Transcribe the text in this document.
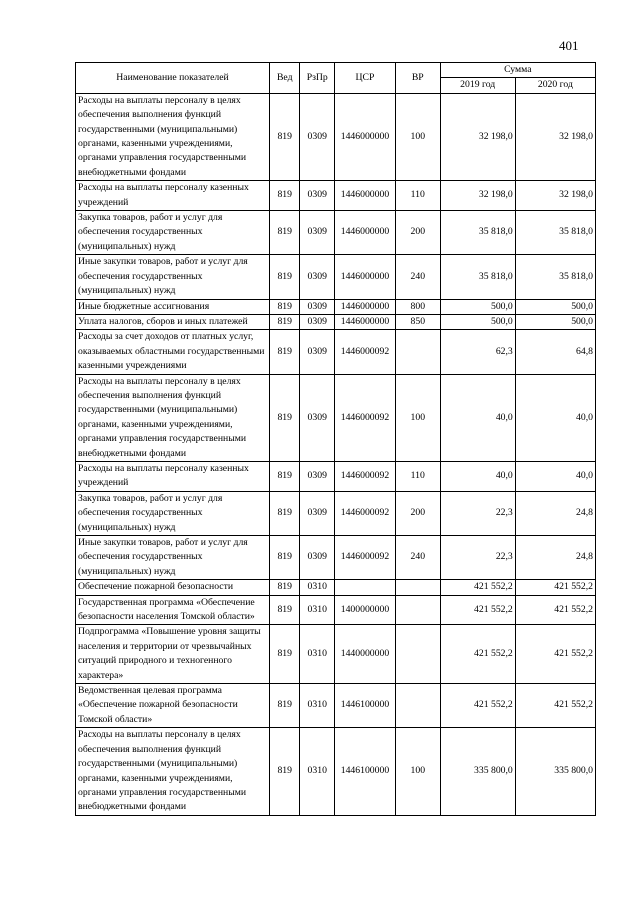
401
Наименование показателей	Вед	РзПр	ЦСР	ВР	Сумма	
					2019 год	2020 год
Расходы на выплаты персоналу в целях обеспечения выполнения функций государственными (муниципальными) органами, казенными учреждениями, органами управления государственными внебюджетными фондами	819	0309	1446000000	100	32 198,0	32 198,0
Расходы на выплаты персоналу казенных учреждений	819	0309	1446000000	110	32 198,0	32 198,0
Закупка товаров, работ и услуг для обеспечения государственных (муниципальных) нужд	819	0309	1446000000	200	35 818,0	35 818,0
Иные закупки товаров, работ и услуг для обеспечения государственных (муниципальных) нужд	819	0309	1446000000	240	35 818,0	35 818,0
Иные бюджетные ассигнования	819	0309	1446000000	800	500,0	500,0
Уплата налогов, сборов и иных платежей	819	0309	1446000000	850	500,0	500,0
Расходы за счет доходов от платных услуг, оказываемых областными государственными казенными учреждениями	819	0309	1446000092		62,3	64,8
Расходы на выплаты персоналу в целях обеспечения выполнения функций государственными (муниципальными) органами, казенными учреждениями, органами управления государственными внебюджетными фондами	819	0309	1446000092	100	40,0	40,0
Расходы на выплаты персоналу казенных учреждений	819	0309	1446000092	110	40,0	40,0
Закупка товаров, работ и услуг для обеспечения государственных (муниципальных) нужд	819	0309	1446000092	200	22,3	24,8
Иные закупки товаров, работ и услуг для обеспечения государственных (муниципальных) нужд	819	0309	1446000092	240	22,3	24,8
Обеспечение пожарной безопасности	819	0310			421 552,2	421 552,2
Государственная программа «Обеспечение безопасности населения Томской области»	819	0310	1400000000		421 552,2	421 552,2
Подпрограмма «Повышение уровня защиты населения и территории от чрезвычайных ситуаций природного и техногенного характера»	819	0310	1440000000		421 552,2	421 552,2
Ведомственная целевая программа «Обеспечение пожарной безопасности Томской области»	819	0310	1446100000		421 552,2	421 552,2
Расходы на выплаты персоналу в целях обеспечения выполнения функций государственными (муниципальными) органами, казенными учреждениями, органами управления государственными внебюджетными фондами	819	0310	1446100000	100	335 800,0	335 800,0
